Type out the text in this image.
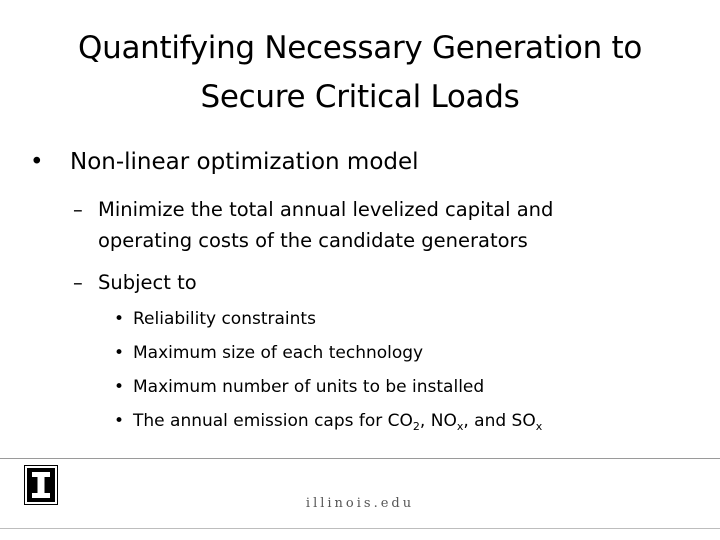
Quantifying Necessary Generation to
Secure Critical Loads
• Non-linear optimization model
– Minimize the total annual levelized capital and
operating costs of the candidate generators
– Subject to
• Reliability constraints
• Maximum size of each technology
• Maximum number of units to be installed
• The annual emission caps for $CO_2$, $NO_x$, and $SO_x$
illinois.edu
